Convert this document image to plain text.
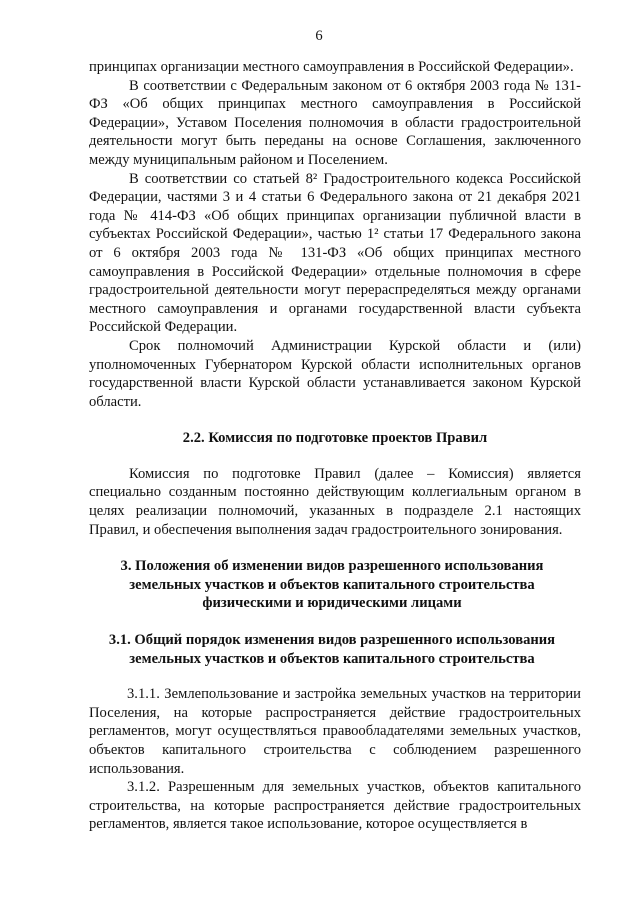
6

принципах организации местного самоуправления в Российской Федерации».

В соответствии с Федеральным законом от 6 октября 2003 года № 131-ФЗ «Об общих принципах местного самоуправления в Российской Федерации», Уставом Поселения полномочия в области градостроительной деятельности могут быть переданы на основе Соглашения, заключенного между муниципальным районом и Поселением.

В соответствии со статьей 8² Градостроительного кодекса Российской Федерации, частями 3 и 4 статьи 6 Федерального закона от 21 декабря 2021 года № 414-ФЗ «Об общих принципах организации публичной власти в субъектах Российской Федерации», частью 1² статьи 17 Федерального закона от 6 октября 2003 года № 131-ФЗ «Об общих принципах местного самоуправления в Российской Федерации» отдельные полномочия в сфере градостроительной деятельности могут перераспределяться между органами местного самоуправления и органами государственной власти субъекта Российской Федерации.

Срок полномочий Администрации Курской области и (или) уполномоченных Губернатором Курской области исполнительных органов государственной власти Курской области устанавливается законом Курской области.

2.2. Комиссия по подготовке проектов Правил

Комиссия по подготовке Правил (далее – Комиссия) является специально созданным постоянно действующим коллегиальным органом в целях реализации полномочий, указанных в подразделе 2.1 настоящих Правил, и обеспечения выполнения задач градостроительного зонирования.

3. Положения об изменении видов разрешенного использования
земельных участков и объектов капитального строительства
физическими и юридическими лицами
3.1. Общий порядок изменения видов разрешенного использования
земельных участков и объектов капитального строительства

3.1.1. Землепользование и застройка земельных участков на территории Поселения, на которые распространяется действие градостроительных регламентов, могут осуществляться правообладателями земельных участков, объектов капитального строительства с соблюдением разрешенного использования.

3.1.2. Разрешенным для земельных участков, объектов капитального строительства, на которые распространяется действие градостроительных регламентов, является такое использование, которое осуществляется в
